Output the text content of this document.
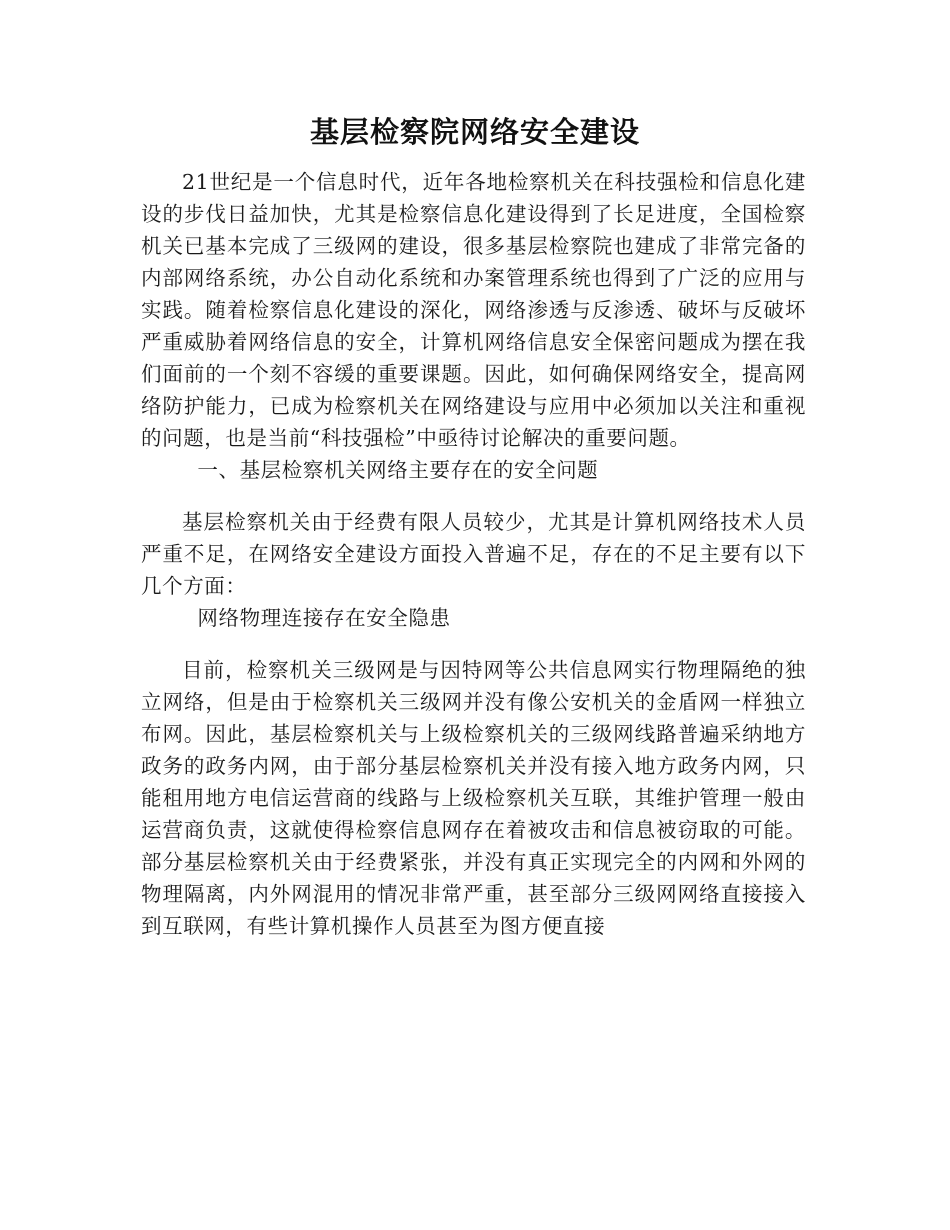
基层检察院网络安全建设

21世纪是一个信息时代，近年各地检察机关在科技强检和信息化建设的步伐日益加快，尤其是检察信息化建设得到了长足进度，全国检察机关已基本完成了三级网的建设，很多基层检察院也建成了非常完备的内部网络系统，办公自动化系统和办案管理系统也得到了广泛的应用与实践。随着检察信息化建设的深化，网络渗透与反渗透、破坏与反破坏严重威胁着网络信息的安全，计算机网络信息安全保密问题成为摆在我们面前的一个刻不容缓的重要课题。因此，如何确保网络安全，提高网络防护能力，已成为检察机关在网络建设与应用中必须加以关注和重视的问题，也是当前“科技强检”中亟待讨论解决的重要问题。

一、基层检察机关网络主要存在的安全问题

基层检察机关由于经费有限人员较少，尤其是计算机网络技术人员严重不足，在网络安全建设方面投入普遍不足，存在的不足主要有以下几个方面：

网络物理连接存在安全隐患

目前，检察机关三级网是与因特网等公共信息网实行物理隔绝的独立网络，但是由于检察机关三级网并没有像公安机关的金盾网一样独立布网。因此，基层检察机关与上级检察机关的三级网线路普遍采纳地方政务的政务内网，由于部分基层检察机关并没有接入地方政务内网，只能租用地方电信运营商的线路与上级检察机关互联，其维护管理一般由运营商负责，这就使得检察信息网存在着被攻击和信息被窃取的可能。 部分基层检察机关由于经费紧张，并没有真正实现完全的内网和外网的物理隔离，内外网混用的情况非常严重，甚至部分三级网网络直接接入到互联网，有些计算机操作人员甚至为图方便直接
